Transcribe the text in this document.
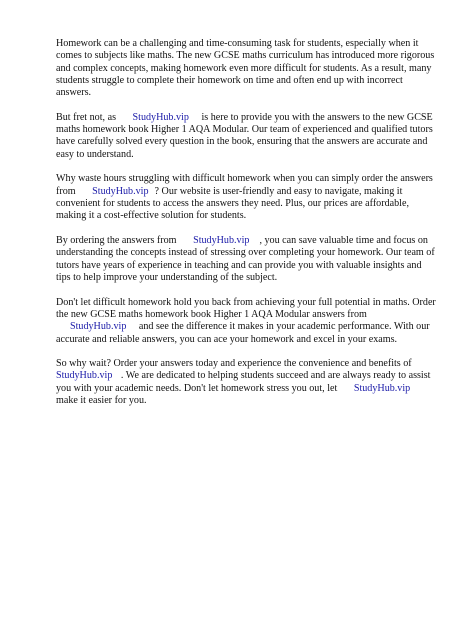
Homework can be a challenging and time-consuming task for students, especially when it comes to subjects like maths. The new GCSE maths curriculum has introduced more rigorous and complex concepts, making homework even more difficult for students. As a result, many students struggle to complete their homework on time and often end up with incorrect answers.

But fret not, as StudyHub.vip is here to provide you with the answers to the new GCSE maths homework book Higher 1 AQA Modular. Our team of experienced and qualified tutors have carefully solved every question in the book, ensuring that the answers are accurate and easy to understand.

Why waste hours struggling with difficult homework when you can simply order the answers from StudyHub.vip ? Our website is user-friendly and easy to navigate, making it convenient for students to access the answers they need. Plus, our prices are affordable, making it a cost-effective solution for students.

By ordering the answers from StudyHub.vip , you can save valuable time and focus on understanding the concepts instead of stressing over completing your homework. Our team of tutors have years of experience in teaching and can provide you with valuable insights and tips to help improve your understanding of the subject.

Don't let difficult homework hold you back from achieving your full potential in maths. Order the new GCSE maths homework book Higher 1 AQA Modular answers from StudyHub.vip and see the difference it makes in your academic performance. With our accurate and reliable answers, you can ace your homework and excel in your exams.

So why wait? Order your answers today and experience the convenience and benefits of StudyHub.vip . We are dedicated to helping students succeed and are always ready to assist you with your academic needs. Don't let homework stress you out, let StudyHub.vip make it easier for you.
